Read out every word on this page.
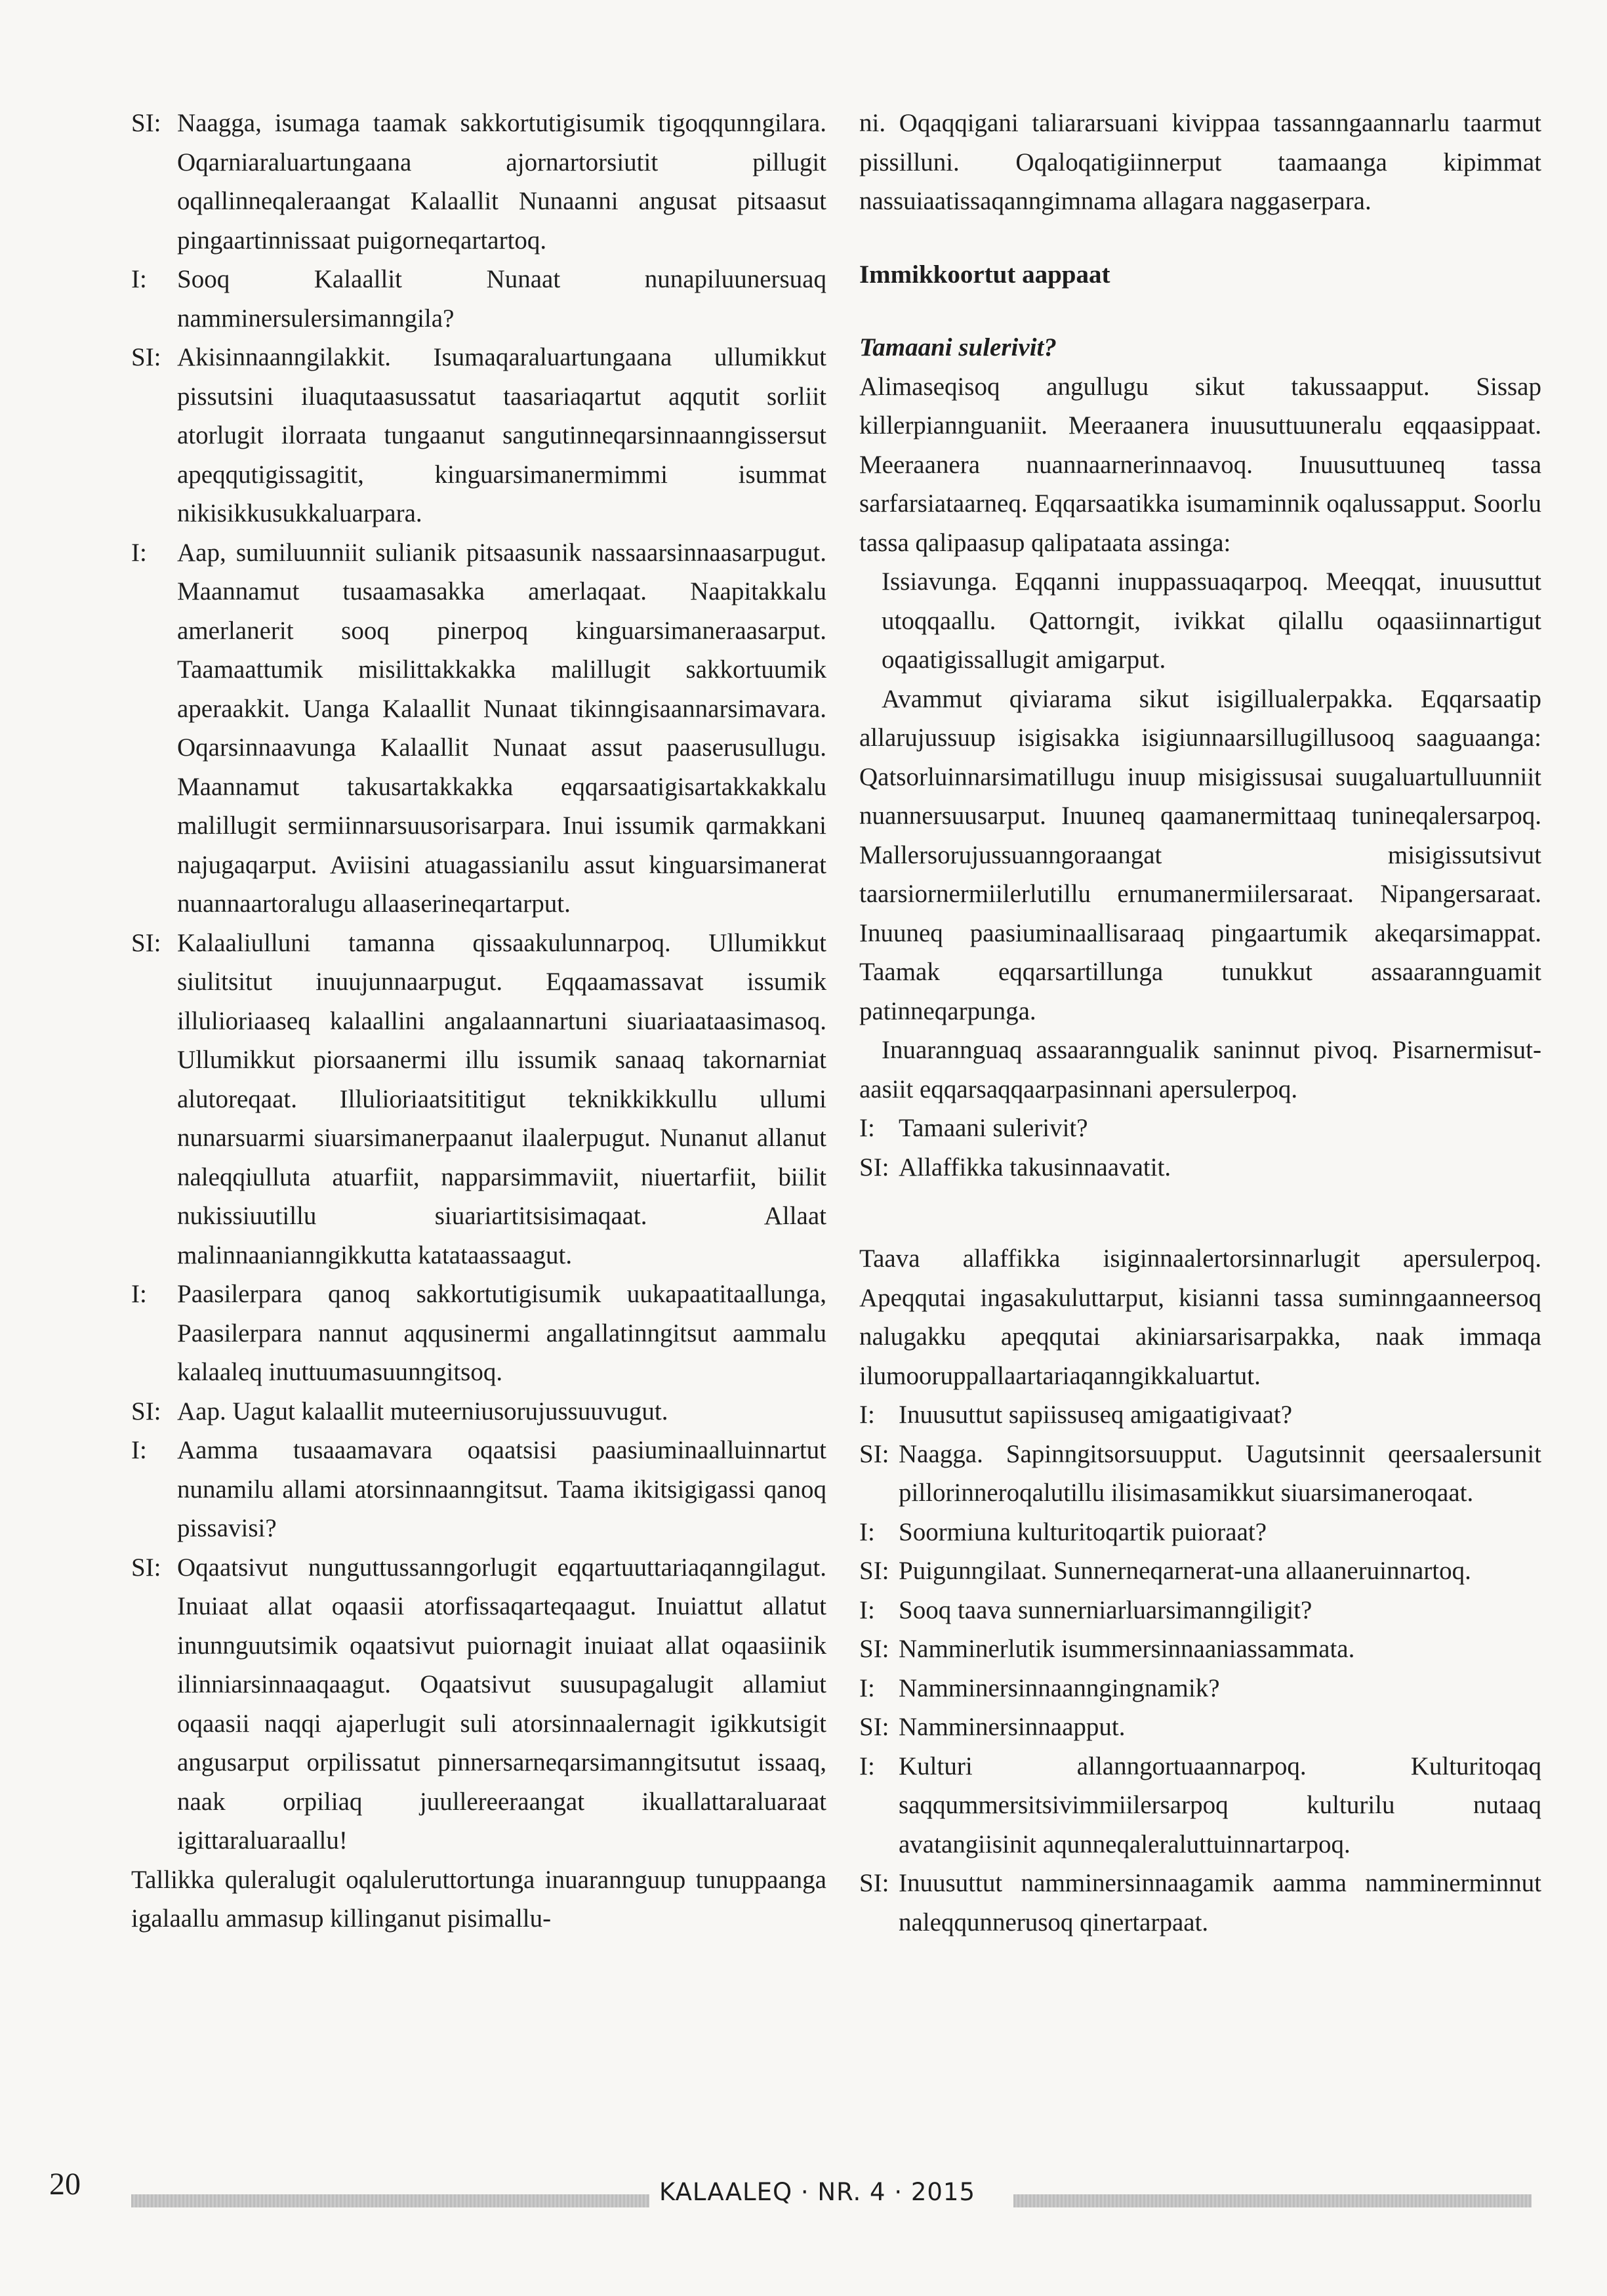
SI: Naagga, isumaga taamak sakkortutigisumik tigoqqunngilara. Oqarniaraluartungaana ajornartorsiutit pillugit oqallinneqaleraangat Kalaallit Nunaanni angusat pitsaasut pingaartinnissaat puigorneqartartoq.
I:	Sooq Kalaallit Nunaat nunapiluunersuaq namminersulersimanngila?
SI: Akisinnaanngilakkit. Isumaqaraluartungaana ullumikkut pissutsini iluaqutaasussatut taasariaqartut aqqutit sorliit atorlugit ilorraata tungaanut sangutinneqarsinnaanngissersut apeqqutigissagitit, kinguarsimanermimmi isummat nikisikkusukkaluarpara.
I:	Aap, sumiluunniit sulianik pitsaasunik nassaarsinnaasarpugut. Maannamut tusaamasakka amerlaqaat. Naapitakkalu amerlanerit sooq pinerpoq kinguarsimaneraasarput. Taamaattumik misilittakkakka malillugit sakkortuumik aperaakkit. Uanga Kalaallit Nunaat tikinngisaannarsimavara. Oqarsinnaavunga Kalaallit Nunaat assut paaserusullugu. Maannamut takusartakkakka eqqarsaatigisartakkakkalu malillugit sermiinnarsuusorisarpara. Inui issumik qarmakkani najugaqarput. Aviisini atuagassianilu assut kinguarsimanerat nuannaartoralugu allaaserineqartarput.
SI: Kalaaliulluni tamanna qissaakulunnarpoq. Ullumikkut siulitsitut inuujunnaarpugut. Eqqaamassavat issumik illulioriaaseq kalaallini angalaannartuni siuariaataasimasoq. Ullumikkut piorsaanermi illu issumik sanaaq takornarniat alutoreqaat. Illulioriaatsititigut teknikkikkullu ullumi nunarsuarmi siuarsimanerpaanut ilaalerpugut. Nunanut allanut naleqqiulluta atuarfiit, napparsimmaviit, niuertarfiit, biilit nukissiuutillu siuariartitsisimaqaat. Allaat malinnaanianngikkutta katataassaagut.
I:	Paasilerpara qanoq sakkortutigisumik uukapaatitaallunga, Paasilerpara nannut aqqusinermi angallatinngitsut aammalu kalaaleq inuttuumasuunngitsoq.
SI: Aap. Uagut kalaallit muteerniusorujussuuvugut.
I:	Aamma tusaaamavara oqaatsisi paasiuminaalluinnartut nunamilu allami atorsinnaanngitsut. Taama ikitsigigassi qanoq pissavisi?
SI: Oqaatsivut nunguttussanngorlugit eqqartuuttariaqanngilagut. Inuiaat allat oqaasii atorfissaqarteqaagut. Inuiattut allatut inunnguutsimik oqaatsivut puiornagit inuiaat allat oqaasiinik ilinniarsinnaaqaagut. Oqaatsivut suusupagalugit allamiut oqaasii naqqi ajaperlugit suli atorsinnaalernagit igikkutsigit angusarput orpilissatut pinnersarneqarsimanngitsutut issaaq, naak orpiliaq juullereeraangat ikuallattaraluaraat igittaraluaraallu!

Tallikka quleralugit oqaluleruttortunga inuarannguup tunuppaanga igalaallu ammasup killinganut pisimallu-

ni. Oqaqqigani taliararsuani kivippaa tassanngaannarlu taarmut pissilluni. Oqaloqatigiinnerput taamaanga kipimmat nassuiaatissaqanngimnama allagara naggaserpara.

Immikkoortut aappaat

Tamaani sulerivit?

Alimaseqisoq angullugu sikut takussaapput. Sissap killerpiannguaniit. Meeraanera inuusuttuuneralu eqqaasippaat. Meeraanera nuannaarnerinnaavoq. Inuusuttuuneq tassa sarfarsiataarneq. Eqqarsaatikka isumaminnik oqalussapput. Soorlu tassa qalipaasup qalipataata assinga:

Issiavunga. Eqqanni inuppassuaqarpoq. Meeqqat, inuusuttut utoqqaallu. Qattorngit, ivikkat qilallu oqaasiinnartigut oqaatigissallugit amigarput.

Avammut qiviarama sikut isigillualerpakka. Eqqarsaatip allarujussuup isigisakka isigiunnaarsillugillusooq saaguaanga: Qatsorluinnarsimatillugu inuup misigissusai suugaluartulluunniit nuannersuusarput. Inuuneq qaamanermittaaq tunineqalersarpoq. Mallersorujussuanngoraangat misigissutsivut taarsiornermiilerlutillu ernumanermiilersaraat. Nipangersaraat. Inuuneq paasiuminaallisaraaq pingaartumik akeqarsimappat. Taamak eqqarsartillunga tunukkut assaarannguamit patinneqarpunga.

Inuarannguaq assaaranngualik saninnut pivoq. Pisarnermisut-aasiit eqqarsaqqaarpasinnani apersulerpoq.

I: Tamaani sulerivit?
SI: Allaffikka takusinnaavatit.

Taava allaffikka isiginnaalertorsinnarlugit apersulerpoq. Apeqqutai ingasakuluttarput, kisianni tassa suminngaanneersoq nalugakku apeqqutai akiniarsarisarpakka, naak immaqa ilumooruppallaartariaqanngikkaluartut.

I: Inuusuttut sapiissuseq amigaatigivaat?
SI: Naagga. Sapinngitsorsuupput. Uagutsinnit qeersaalersunit pillorinneroqalutillu ilisimasamikkut siuarsimaneroqaat.
I: Soormiuna kulturitoqartik puioraat?
SI: Puigunngilaat. Sunnerneqarnerat-una allaaneruinnartoq.
I: Sooq taava sunnerniarluarsimanngiligit?
SI: Namminerlutik isummersinnaaniassammata.
I: Namminersinnaanngingnamik?
SI: Namminersinnaapput.
I: Kulturi allanngortuaannarpoq. Kulturitoqaq saqqummersitsivimmiilersarpoq kulturilu nutaaq avatangiisinit aqunneqaleraluttuinnartarpoq.
SI: Inuusuttut namminersinnaagamik aamma namminerminnut naleqqunnerusoq qinertarpaat.
20	KALAALEQ · NR. 4 · 2015
